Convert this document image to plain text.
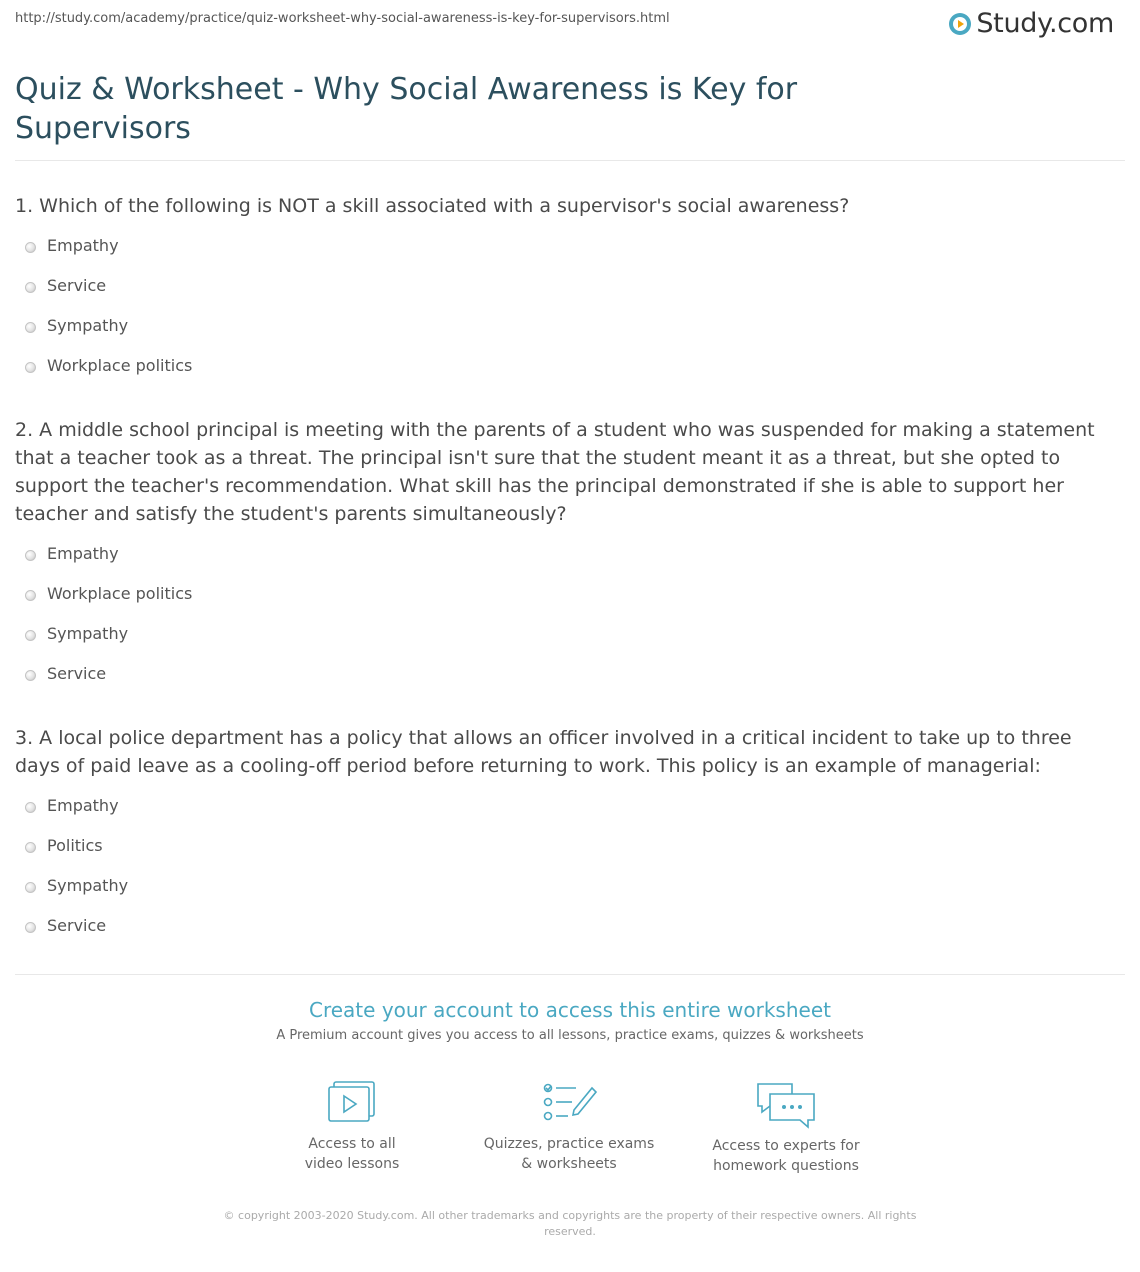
http://study.com/academy/practice/quiz-worksheet-why-social-awareness-is-key-for-supervisors.html	Study.com
Quiz & Worksheet - Why Social Awareness is Key for Supervisors

1. Which of the following is NOT a skill associated with a supervisor's social awareness?

Empathy
Service
Sympathy
Workplace politics

2. A middle school principal is meeting with the parents of a student who was suspended for making a statement that a teacher took as a threat. The principal isn't sure that the student meant it as a threat, but she opted to support the teacher's recommendation. What skill has the principal demonstrated if she is able to support her teacher and satisfy the student's parents simultaneously?

Empathy
Workplace politics
Sympathy
Service

3. A local police department has a policy that allows an officer involved in a critical incident to take up to three days of paid leave as a cooling-off period before returning to work. This policy is an example of managerial:

Empathy
Politics
Sympathy
Service
Create your account to access this entire worksheet
A Premium account gives you access to all lessons, practice exams, quizzes & worksheets
Access to all
video lessons
Quizzes, practice exams
& worksheets
Access to experts for
homework questions
© copyright 2003-2020 Study.com. All other trademarks and copyrights are the property of their respective owners. All rights reserved.
